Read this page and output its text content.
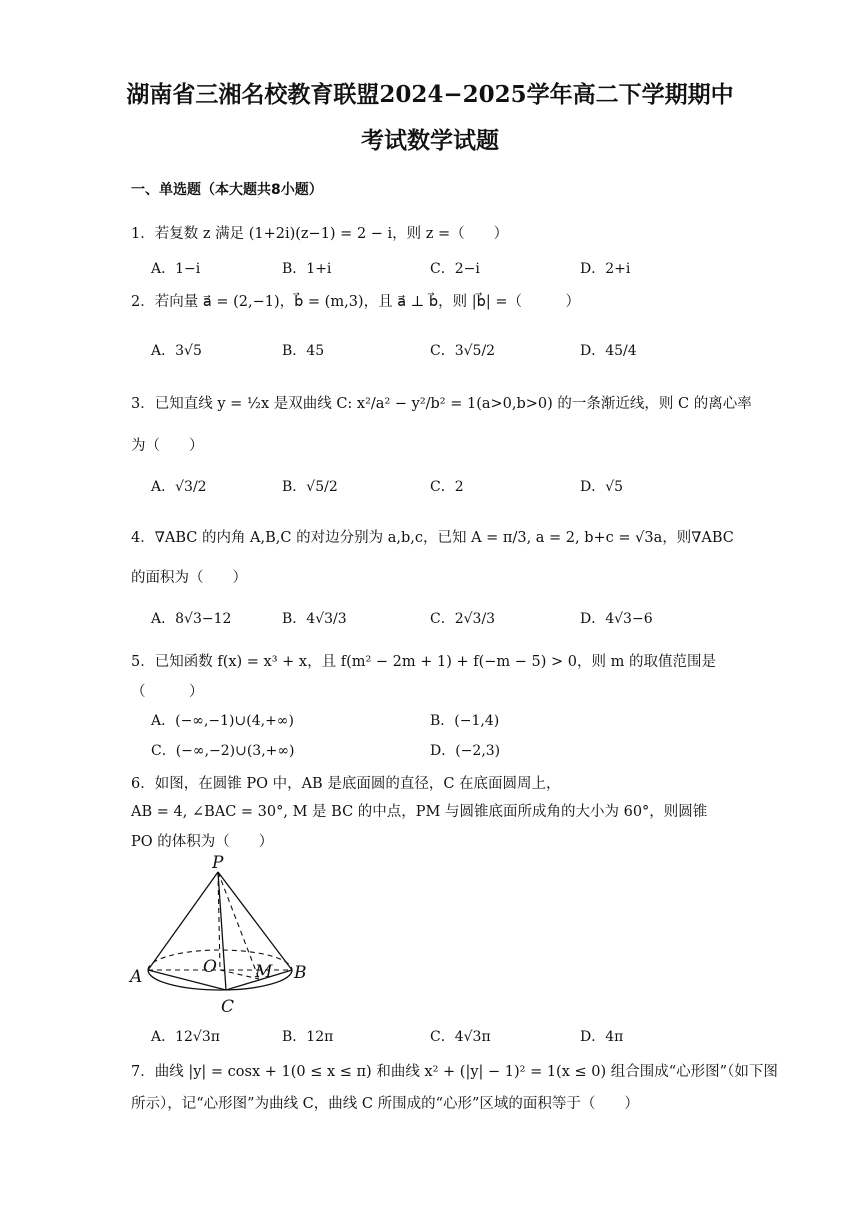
湖南省三湘名校教育联盟2024−2025学年高二下学期期中
考试数学试题
一、单选题（本大题共8小题）
1．若复数 z 满足 (1+2i)(z−1) = 2 − i，则 z =（　　）
A．1−i	B．1+i	C．2−i	D．2+i
2．若向量 a⃗ = (2,−1)，b⃗ = (m,3)，且 a⃗ ⊥ b⃗，则 |b⃗| =（　　　）
A．3√5	B．45	C．3√5/2	D．45/4
3．已知直线 y = ½x 是双曲线 C: x²/a² − y²/b² = 1(a>0,b>0) 的一条渐近线，则 C 的离心率
为（　　）
A．√3/2	B．√5/2	C．2	D．√5
4．∇ABC 的内角 A,B,C 的对边分别为 a,b,c，已知 A = π/3, a = 2, b+c = √3a，则∇ABC
的面积为（　　）
A．8√3−12	B．4√3/3	C．2√3/3	D．4√3−6
5．已知函数 f(x) = x³ + x，且 f(m² − 2m + 1) + f(−m − 5) > 0，则 m 的取值范围是
（　　　）
A．(−∞,−1)∪(4,+∞)	B．(−1,4)
C．(−∞,−2)∪(3,+∞)	D．(−2,3)
6．如图，在圆锥 PO 中，AB 是底面圆的直径，C 在底面圆周上，
AB = 4, ∠BAC = 30°, M 是 BC 的中点，PM 与圆锥底面所成角的大小为 60°，则圆锥
PO 的体积为（　　）
P
O M
A	B
C
A．12√3π	B．12π	C．4√3π	D．4π
7．曲线 |y| = cosx + 1(0 ≤ x ≤ π) 和曲线 x² + (|y| − 1)² = 1(x ≤ 0) 组合围成“心形图”（如下图
所示），记“心形图”为曲线 C，曲线 C 所围成的“心形”区域的面积等于（　　）
